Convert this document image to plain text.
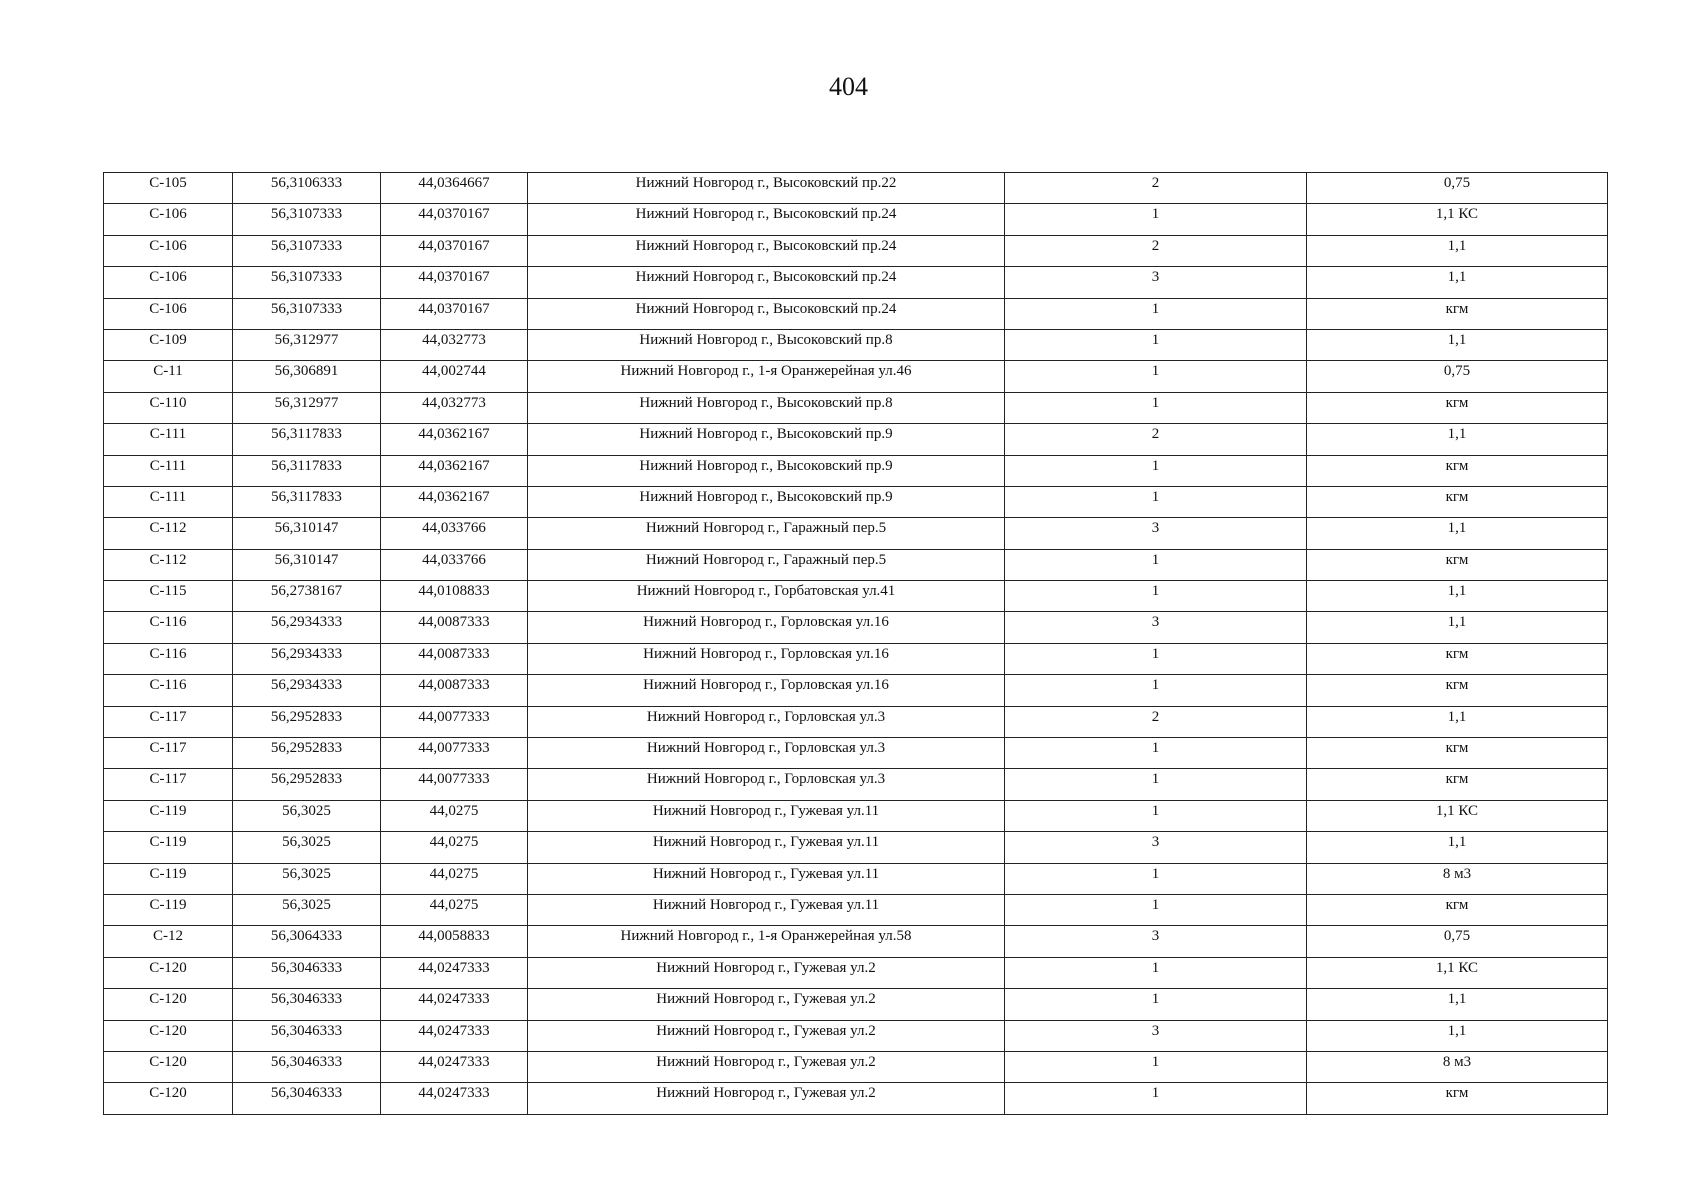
404
С-105	56,3106333	44,0364667	Нижний Новгород г., Высоковский пр.22	2	0,75
С-106	56,3107333	44,0370167	Нижний Новгород г., Высоковский пр.24	1	1,1 КС
С-106	56,3107333	44,0370167	Нижний Новгород г., Высоковский пр.24	2	1,1
С-106	56,3107333	44,0370167	Нижний Новгород г., Высоковский пр.24	3	1,1
С-106	56,3107333	44,0370167	Нижний Новгород г., Высоковский пр.24	1	кгм
С-109	56,312977	44,032773	Нижний Новгород г., Высоковский пр.8	1	1,1
С-11	56,306891	44,002744	Нижний Новгород г., 1-я Оранжерейная ул.46	1	0,75
С-110	56,312977	44,032773	Нижний Новгород г., Высоковский пр.8	1	кгм
С-111	56,3117833	44,0362167	Нижний Новгород г., Высоковский пр.9	2	1,1
С-111	56,3117833	44,0362167	Нижний Новгород г., Высоковский пр.9	1	кгм
С-111	56,3117833	44,0362167	Нижний Новгород г., Высоковский пр.9	1	кгм
С-112	56,310147	44,033766	Нижний Новгород г., Гаражный пер.5	3	1,1
С-112	56,310147	44,033766	Нижний Новгород г., Гаражный пер.5	1	кгм
С-115	56,2738167	44,0108833	Нижний Новгород г., Горбатовская ул.41	1	1,1
С-116	56,2934333	44,0087333	Нижний Новгород г., Горловская ул.16	3	1,1
С-116	56,2934333	44,0087333	Нижний Новгород г., Горловская ул.16	1	кгм
С-116	56,2934333	44,0087333	Нижний Новгород г., Горловская ул.16	1	кгм
С-117	56,2952833	44,0077333	Нижний Новгород г., Горловская ул.3	2	1,1
С-117	56,2952833	44,0077333	Нижний Новгород г., Горловская ул.3	1	кгм
С-117	56,2952833	44,0077333	Нижний Новгород г., Горловская ул.3	1	кгм
С-119	56,3025	44,0275	Нижний Новгород г., Гужевая ул.11	1	1,1 КС
С-119	56,3025	44,0275	Нижний Новгород г., Гужевая ул.11	3	1,1
С-119	56,3025	44,0275	Нижний Новгород г., Гужевая ул.11	1	8 м3
С-119	56,3025	44,0275	Нижний Новгород г., Гужевая ул.11	1	кгм
С-12	56,3064333	44,0058833	Нижний Новгород г., 1-я Оранжерейная ул.58	3	0,75
С-120	56,3046333	44,0247333	Нижний Новгород г., Гужевая ул.2	1	1,1 КС
С-120	56,3046333	44,0247333	Нижний Новгород г., Гужевая ул.2	1	1,1
С-120	56,3046333	44,0247333	Нижний Новгород г., Гужевая ул.2	3	1,1
С-120	56,3046333	44,0247333	Нижний Новгород г., Гужевая ул.2	1	8 м3
С-120	56,3046333	44,0247333	Нижний Новгород г., Гужевая ул.2	1	кгм
